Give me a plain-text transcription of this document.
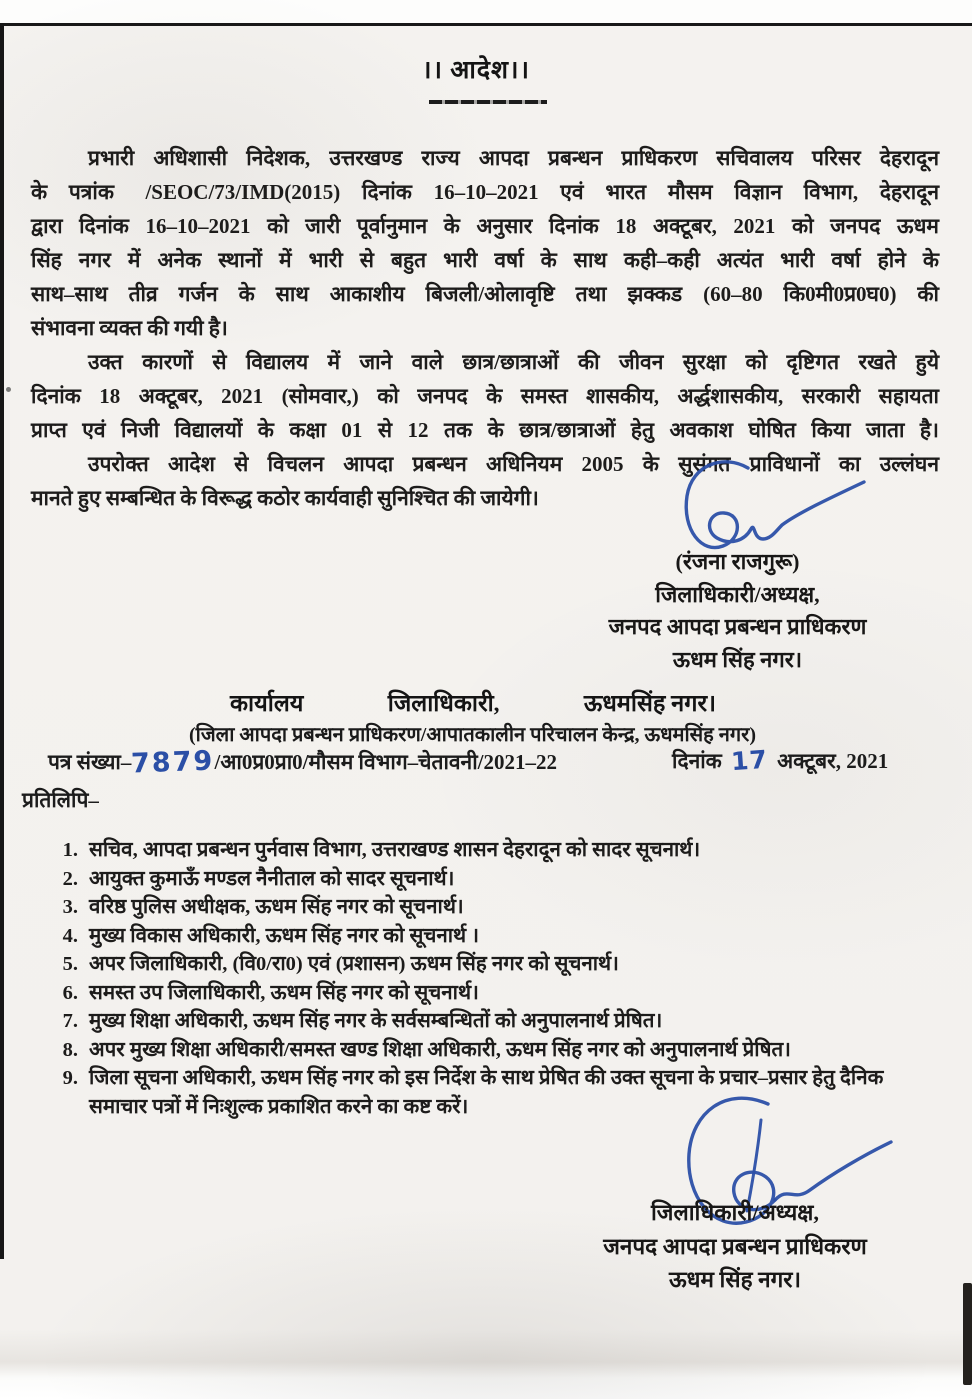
।। आदेश।।
प्रभारी अधिशासी निदेशक, उत्तरखण्ड राज्य आपदा प्रबन्धन प्राधिकरण सचिवालय परिसर देहरादून
के पत्रांक   /SEOC/73/IMD(2015) दिनांक 16–10–2021 एवं भारत मौसम विज्ञान विभाग, देहरादून
द्वारा दिनांक 16–10–2021 को जारी पूर्वानुमान के अनुसार दिनांक 18 अक्टूबर, 2021 को जनपद ऊधम
सिंह नगर में अनेक स्थानों में भारी से बहुत भारी वर्षा के साथ कही–कही अत्यंत भारी वर्षा होने के
साथ–साथ तीव्र गर्जन के साथ आकाशीय बिजली/ओलावृष्टि तथा झक्कड (60–80 कि0मी0प्र0घ0) की
संभावना व्यक्त की गयी है।
उक्त कारणों से विद्यालय में जाने वाले छात्र/छात्राओं की जीवन सुरक्षा को दृष्टिगत रखते हुये
दिनांक 18 अक्टूबर, 2021 (सोमवार,) को जनपद के समस्त शासकीय, अर्द्धशासकीय, सरकारी सहायता
प्राप्त एवं निजी विद्यालयों के कक्षा 01 से 12 तक के छात्र/छात्राओं हेतु अवकाश घोषित किया जाता है।
उपरोक्त आदेश से विचलन आपदा प्रबन्धन अधिनियम 2005 के सुसंगत प्राविधानों का उल्लंघन
मानते हुए सम्बन्धित के विरूद्ध कठोर कार्यवाही सुनिश्चित की जायेगी।
(रंजना राजगुरू)
जिलाधिकारी/अध्यक्ष,
जनपद आपदा प्रबन्धन प्राधिकरण
ऊधम सिंह नगर।
कार्यालय	जिलाधिकारी,	ऊधमसिंह नगर।
(जिला आपदा प्रबन्धन प्राधिकरण/आपातकालीन परिचालन केन्द्र, ऊधमसिंह नगर)
पत्र संख्या–7879/आ0प्र0प्रा0/मौसम विभाग–चेतावनी/2021–22	दिनांक 17 अक्टूबर, 2021
प्रतिलिपि–
1. सचिव, आपदा प्रबन्धन पुर्नवास विभाग, उत्तराखण्ड शासन देहरादून को सादर सूचनार्थ।
2. आयुक्त कुमाऊँ मण्डल नैनीताल को सादर सूचनार्थ।
3. वरिष्ठ पुलिस अधीक्षक, ऊधम सिंह नगर को सूचनार्थ।
4. मुख्य विकास अधिकारी, ऊधम सिंह नगर को सूचनार्थ ।
5. अपर जिलाधिकारी, (वि0/रा0) एवं (प्रशासन) ऊधम सिंह नगर को सूचनार्थ।
6. समस्त उप जिलाधिकारी, ऊधम सिंह नगर को सूचनार्थ।
7. मुख्य शिक्षा अधिकारी, ऊधम सिंह नगर के सर्वसम्बन्धितों को अनुपालनार्थ प्रेषित।
8. अपर मुख्य शिक्षा अधिकारी/समस्त खण्ड शिक्षा अधिकारी, ऊधम सिंह नगर को अनुपालनार्थ प्रेषित।
9. जिला सूचना अधिकारी, ऊधम सिंह नगर को इस निर्देश के साथ प्रेषित की उक्त सूचना के प्रचार–प्रसार हेतु दैनिक समाचार पत्रों में निःशुल्क प्रकाशित करने का कष्ट करें।
जिलाधिकारी/अध्यक्ष,
जनपद आपदा प्रबन्धन प्राधिकरण
ऊधम सिंह नगर।
